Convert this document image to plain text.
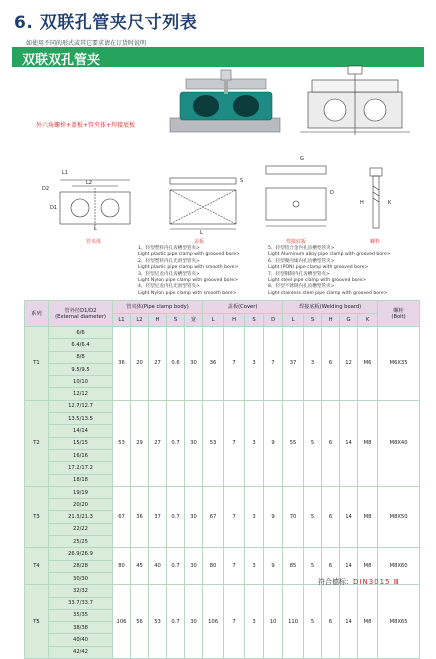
6. 双联孔管夹尺寸列表
如使用不同的形式或其它要求请在订货时说明
双联双孔管夹
外六角螺栓+盖板+管夹体+焊接底板
L1
L2
L
D2
D1
S
L
G
D
K
H
管夹体	盖板	焊接底板	螺栓
1、轻型塑料内孔齿槽型管夹>
Light plastic pipe clamp with grooved bore>
2、轻型塑料内孔光滑型管夹>
Light plastic pipe clamp with smooth bore>
3、轻型尼龙内孔齿槽型管夹>
Light Nylon pipe clamp with grooved bore>
4、轻型尼龙内孔光滑型管夹>
Light Nylon pipe clamp with smooth bore>
5、轻型铝合金内孔齿槽型管夹>
Light Aluminum alloy pipe clamp with grooved bore>
6、轻型聚丙烯内孔齿槽型管夹>
Light (PON) pipe clamp with grooved bore>
7、轻型钢制内孔齿槽型管夹>
Light steel pipe clamp with grooved bore>
8、轻型不锈钢内孔齿槽型管夹>
Light stainless steel pipe clamp with grooved bore>
系列	管外径D1/D2
(External diameter)	管夹体(Pipe clamp body)					盖板(Cover)				焊接底板(Welding board)					螺栓
(Bolt)
		L1	L2	H	S	宽	L	H	S	D	L	S	H	G	K	
T1	6/6	36	20	27	0.6	30	36	7	3	7	37	3	6	12	M6	M6X35
	6.4/6.4															
	8/8															
	9.5/9.5															
	10/10															
	12/12															
T2	12.7/12.7	53	29	27	0.7	30	53	7	3	9	55	5	6	14	M8	M8X40
	13.5/13.5															
	14/14															
	15/15															
	16/16															
	17.2/17.2															
	18/18															
T3	19/19	67	36	37	0.7	30	67	7	3	9	70	5	6	14	M8	M8X50
	20/20															
	21.3/21.3															
	22/22															
	25/25															
T4	26.9/26.9	80	45	40	0.7	30	80	7	3	9	85	5	6	14	M8	M8X60
	28/28															
	30/30															
T5	32/32	106	56	53	0.7	30	106	7	3	10	110	5	6	14	M8	M8X65
	33.7/33.7															
	35/35															
	38/38															
	40/40															
	42/42															
符合德标：DIN3015 Ⅲ
